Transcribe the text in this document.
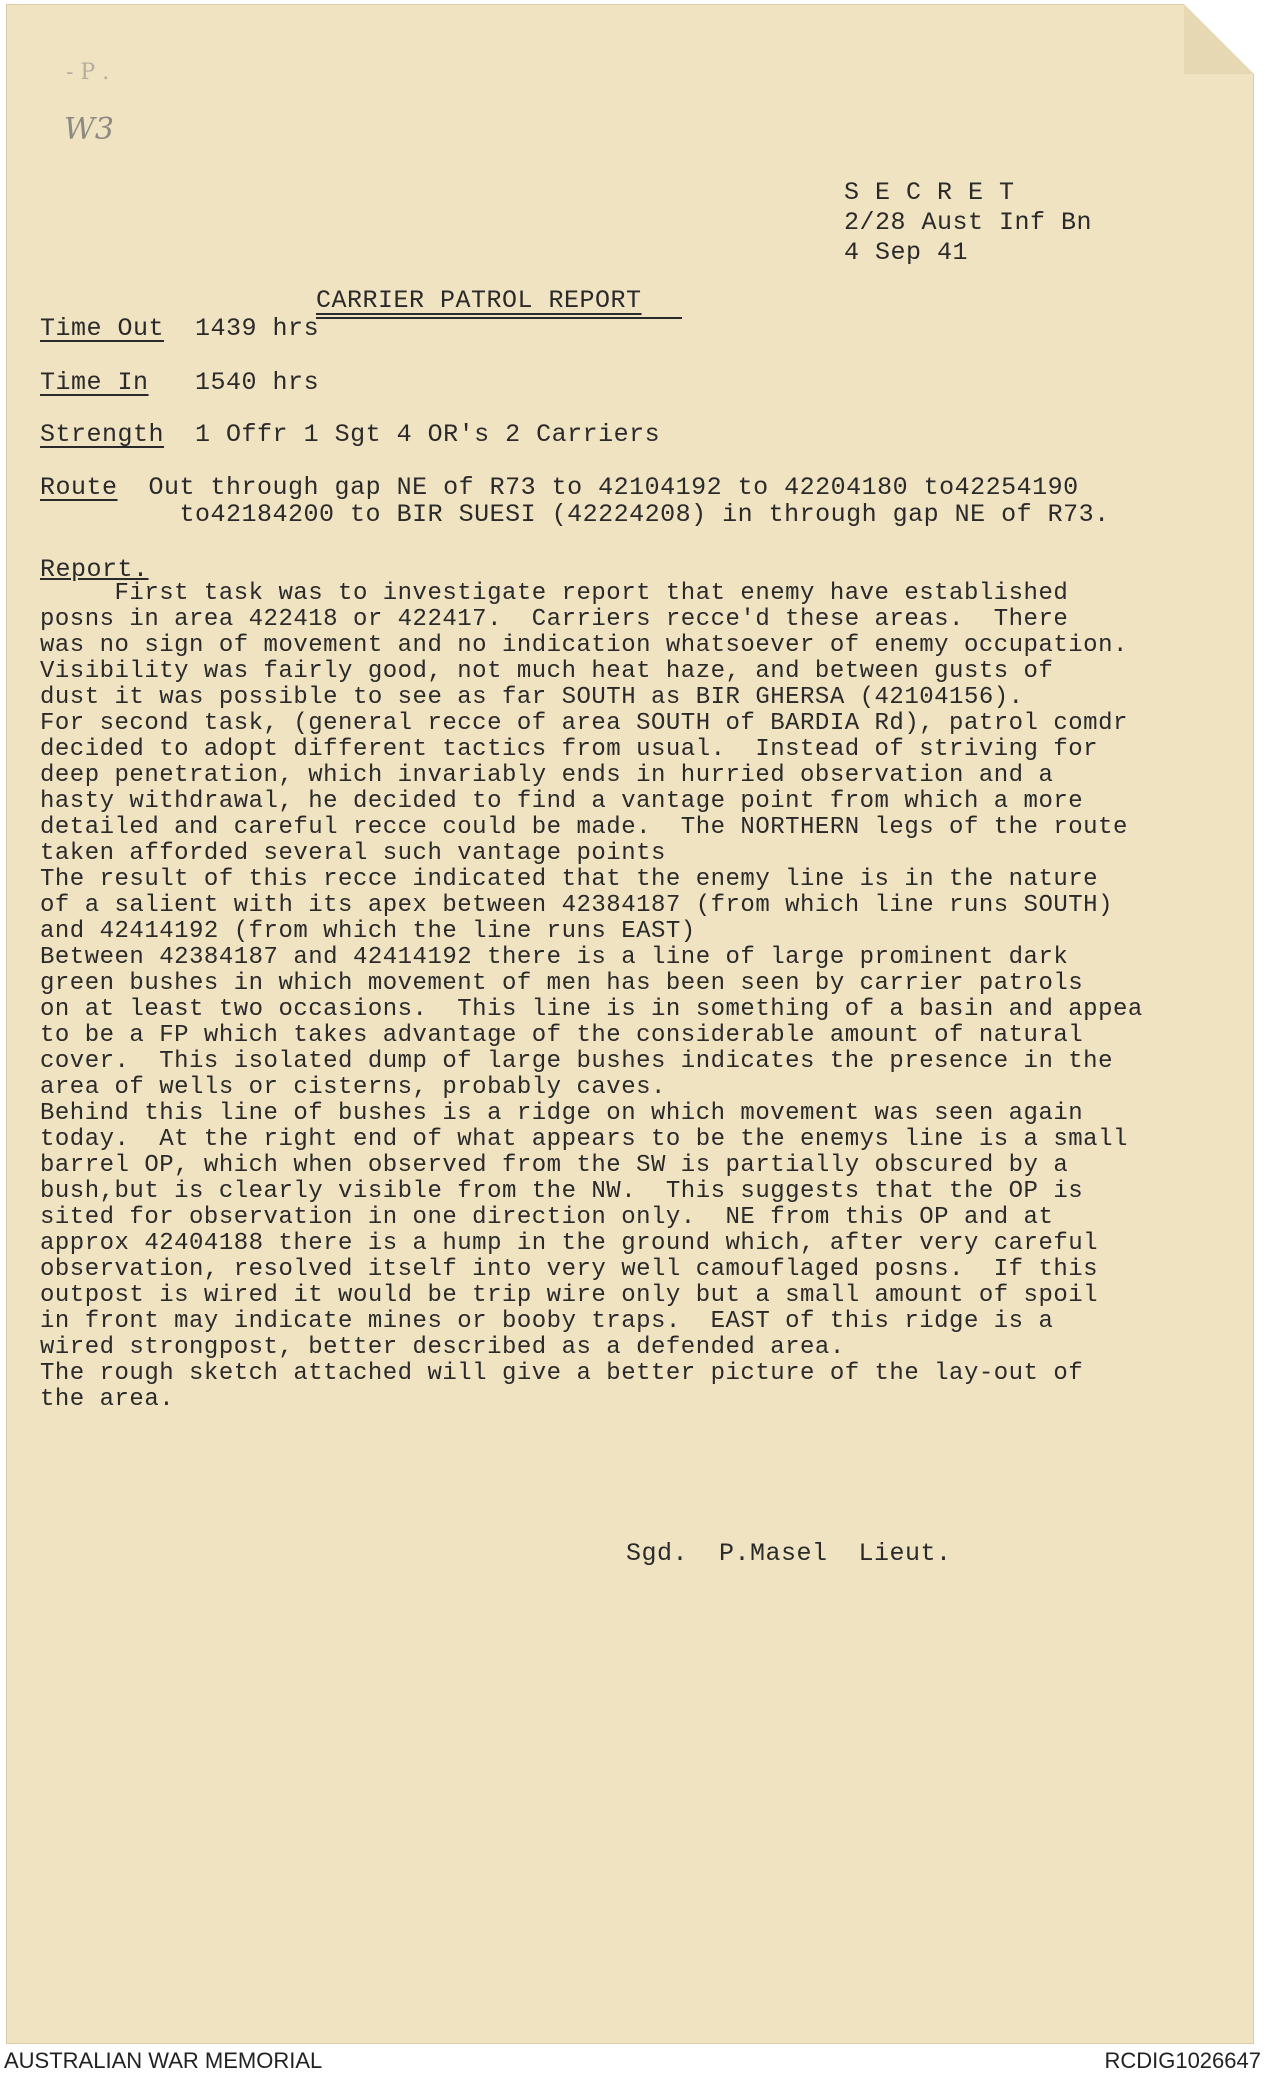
- P .
W3
S E C R E T
2/28 Aust Inf Bn
4 Sep 41
CARRIER PATROL REPORT
Time Out 1439 hrs
Time In 1540 hrs
Strength 1 Offr 1 Sgt 4 OR's 2 Carriers
Route Out through gap NE of R73 to 42104192 to 42204180 to42254190
to42184200 to BIR SUESI (42224208) in through gap NE of R73.
Report.
First task was to investigate report that enemy have established
posns in area 422418 or 422417.  Carriers recce'd these areas.  There
was no sign of movement and no indication whatsoever of enemy occupation.
Visibility was fairly good, not much heat haze, and between gusts of
dust it was possible to see as far SOUTH as BIR GHERSA (42104156).
For second task, (general recce of area SOUTH of BARDIA Rd), patrol comdr
decided to adopt different tactics from usual.  Instead of striving for
deep penetration, which invariably ends in hurried observation and a
hasty withdrawal, he decided to find a vantage point from which a more
detailed and careful recce could be made.  The NORTHERN legs of the route
taken afforded several such vantage points
The result of this recce indicated that the enemy line is in the nature
of a salient with its apex between 42384187 (from which line runs SOUTH)
and 42414192 (from which the line runs EAST)
Between 42384187 and 42414192 there is a line of large prominent dark
green bushes in which movement of men has been seen by carrier patrols
on at least two occasions.  This line is in something of a basin and appea
to be a FP which takes advantage of the considerable amount of natural
cover.  This isolated dump of large bushes indicates the presence in the
area of wells or cisterns, probably caves.
Behind this line of bushes is a ridge on which movement was seen again
today.  At the right end of what appears to be the enemys line is a small
barrel OP, which when observed from the SW is partially obscured by a
bush,but is clearly visible from the NW.  This suggests that the OP is
sited for observation in one direction only.  NE from this OP and at
approx 42404188 there is a hump in the ground which, after very careful
observation, resolved itself into very well camouflaged posns.  If this
outpost is wired it would be trip wire only but a small amount of spoil
in front may indicate mines or booby traps.  EAST of this ridge is a
wired strongpost, better described as a defended area.
The rough sketch attached will give a better picture of the lay-out of
the area.
Sgd.  P.Masel  Lieut.
AUSTRALIAN WAR MEMORIAL	RCDIG1026647
